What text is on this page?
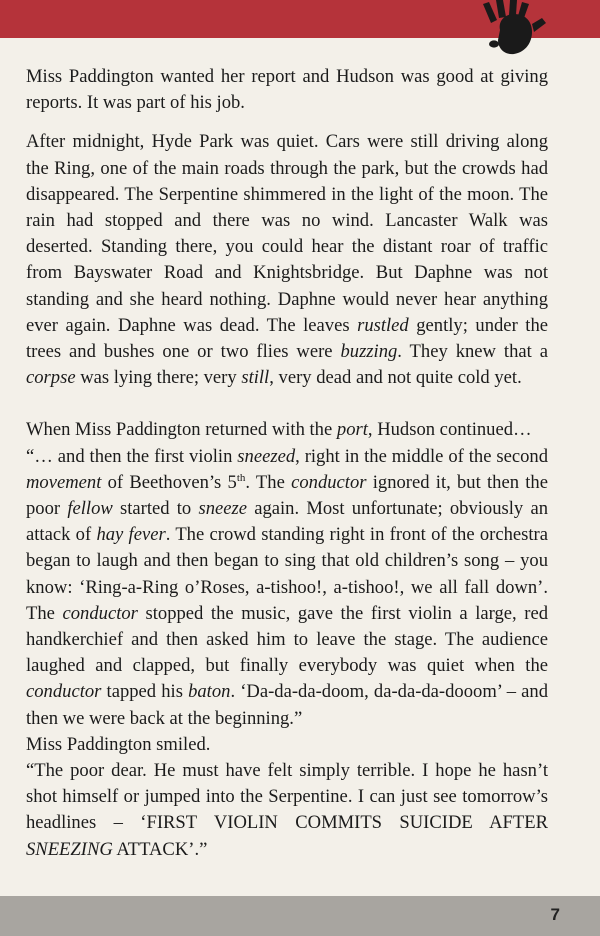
Miss Paddington wanted her report and Hudson was good at giving reports. It was part of his job.

After midnight, Hyde Park was quiet. Cars were still driving along the Ring, one of the main roads through the park, but the crowds had disappeared. The Serpentine shimmered in the light of the moon. The rain had stopped and there was no wind. Lancaster Walk was deserted. Standing there, you could hear the distant roar of traffic from Bayswater Road and Knightsbridge. But Daphne was not standing and she heard nothing. Daphne would never hear anything ever again. Daphne was dead. The leaves rustled gently; under the trees and bushes one or two flies were buzzing. They knew that a corpse was lying there; very still, very dead and not quite cold yet.

When Miss Paddington returned with the port, Hudson continued…

“… and then the first violin sneezed, right in the middle of the second movement of Beethoven’s 5th. The conductor ignored it, but then the poor fellow started to sneeze again. Most unfortunate; obviously an attack of hay fever. The crowd standing right in front of the orchestra began to laugh and then began to sing that old children’s song – you know: ‘Ring-a-Ring o’Roses, a-tishoo!, a-tishoo!, we all fall down’. The conductor stopped the music, gave the first violin a large, red handkerchief and then asked him to leave the stage. The audience laughed and clapped, but finally everybody was quiet when the conductor tapped his baton. ‘Da-da-da-doom, da-da-da-dooom’ – and then we were back at the beginning.”

Miss Paddington smiled.

“The poor dear. He must have felt simply terrible. I hope he hasn’t shot himself or jumped into the Serpentine. I can just see tomorrow’s headlines – ‘FIRST VIOLIN COMMITS SUICIDE AFTER SNEEZING ATTACK’.”

7
